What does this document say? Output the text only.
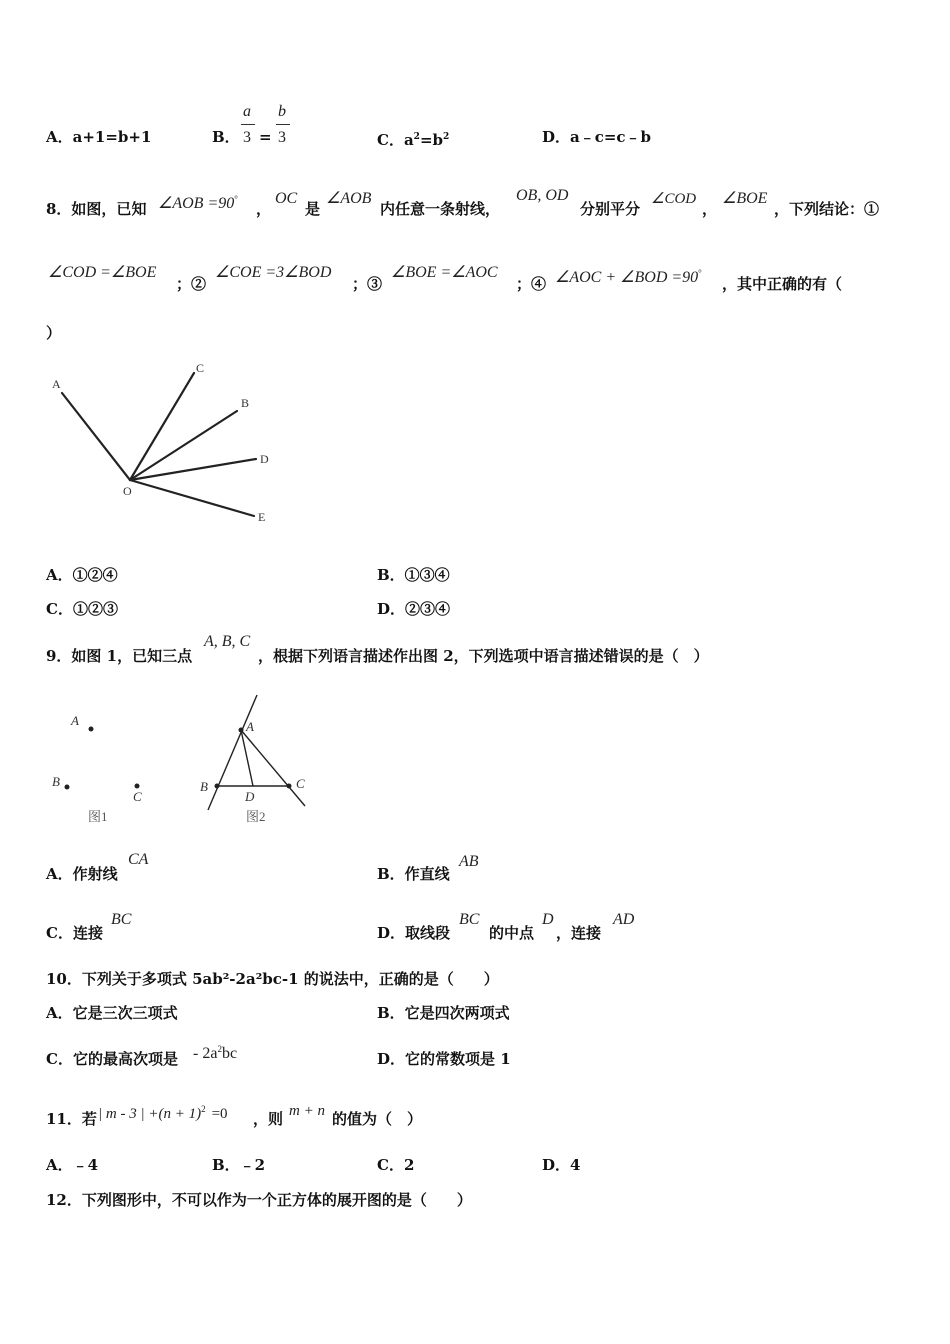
A．a+1=b+1	B．
a
3 =
b
3	C．$a^2=b^2$	D．a﹣c=c﹣b
8．如图，已知 ∠AOB =90°
，
OC
是
∠AOB
内任意一条射线，
OB, OD
分别平分
∠COD
，
∠BOE
，下列结论：①
∠COD =∠BOE
；②
∠COE =3∠BOD
；③
∠BOE =∠AOC
；④ ∠AOC + ∠BOD =90°
，其中正确的有（
）
A
C
B
D
E
O
A．①②④	B．①③④
C．①②③	D．②③④
9．如图 1，已知三点
A, B, C
，根据下列语言描述作出图 2，下列选项中语言描述错误的是（　）
A
B
C
图1
A
B	C
D
图2
A．作射线
CA
B．作直线
AB
C．连接
BC
D．取线段
BC
的中点
D
，连接
AD
10．下列关于多项式 5ab²-2a²bc-1 的说法中，正确的是（　　）
A．它是三次三项式	B．它是四次两项式
C．它的最高次项是 - $2a^2bc$	D．它的常数项是 1
11．若 | m - 3 | $+(n + 1)^2 =0$ ，则 m + n 的值为（　）
A．﹣4	B．﹣2	C．2	D．4
12．下列图形中，不可以作为一个正方体的展开图的是（　　）
